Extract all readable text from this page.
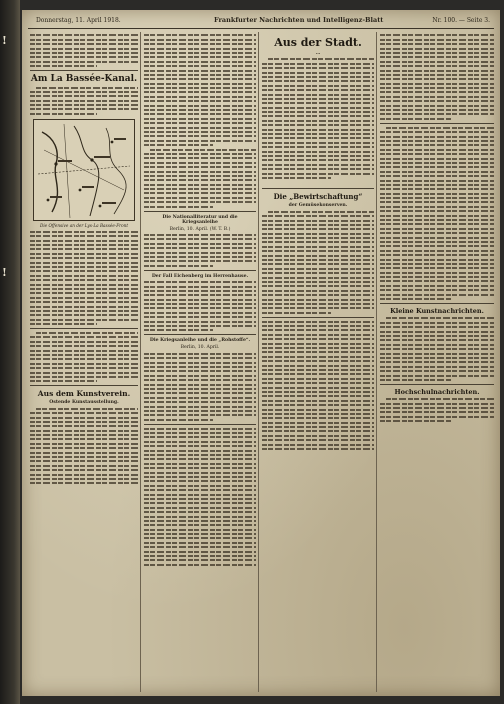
!
!
Donnerstag, 11. April 1918.	Frankfurter Nachrichten und Intelligenz-Blatt	Nr. 100. — Seite 3.
Am La Bassée-Kanal.
Die Offensive an der Lys-La Bassée-Front
Aus dem Kunstverein.
Ostende Kunstausstellung.
Die Nationalliteratur und die Kriegsanleihe
Berlin, 10. April. (W. T. B.)
Der Fall Eichenberg im Herrenhause.
Die Kriegsanleihe und die „Rohstoffe“.
Berlin, 10. April.
Aus der Stadt.
...
Die „Bewirtschaftung“
der Gemüsekonserven.
Kleine Kunstnachrichten.
Hochschulnachrichten.
